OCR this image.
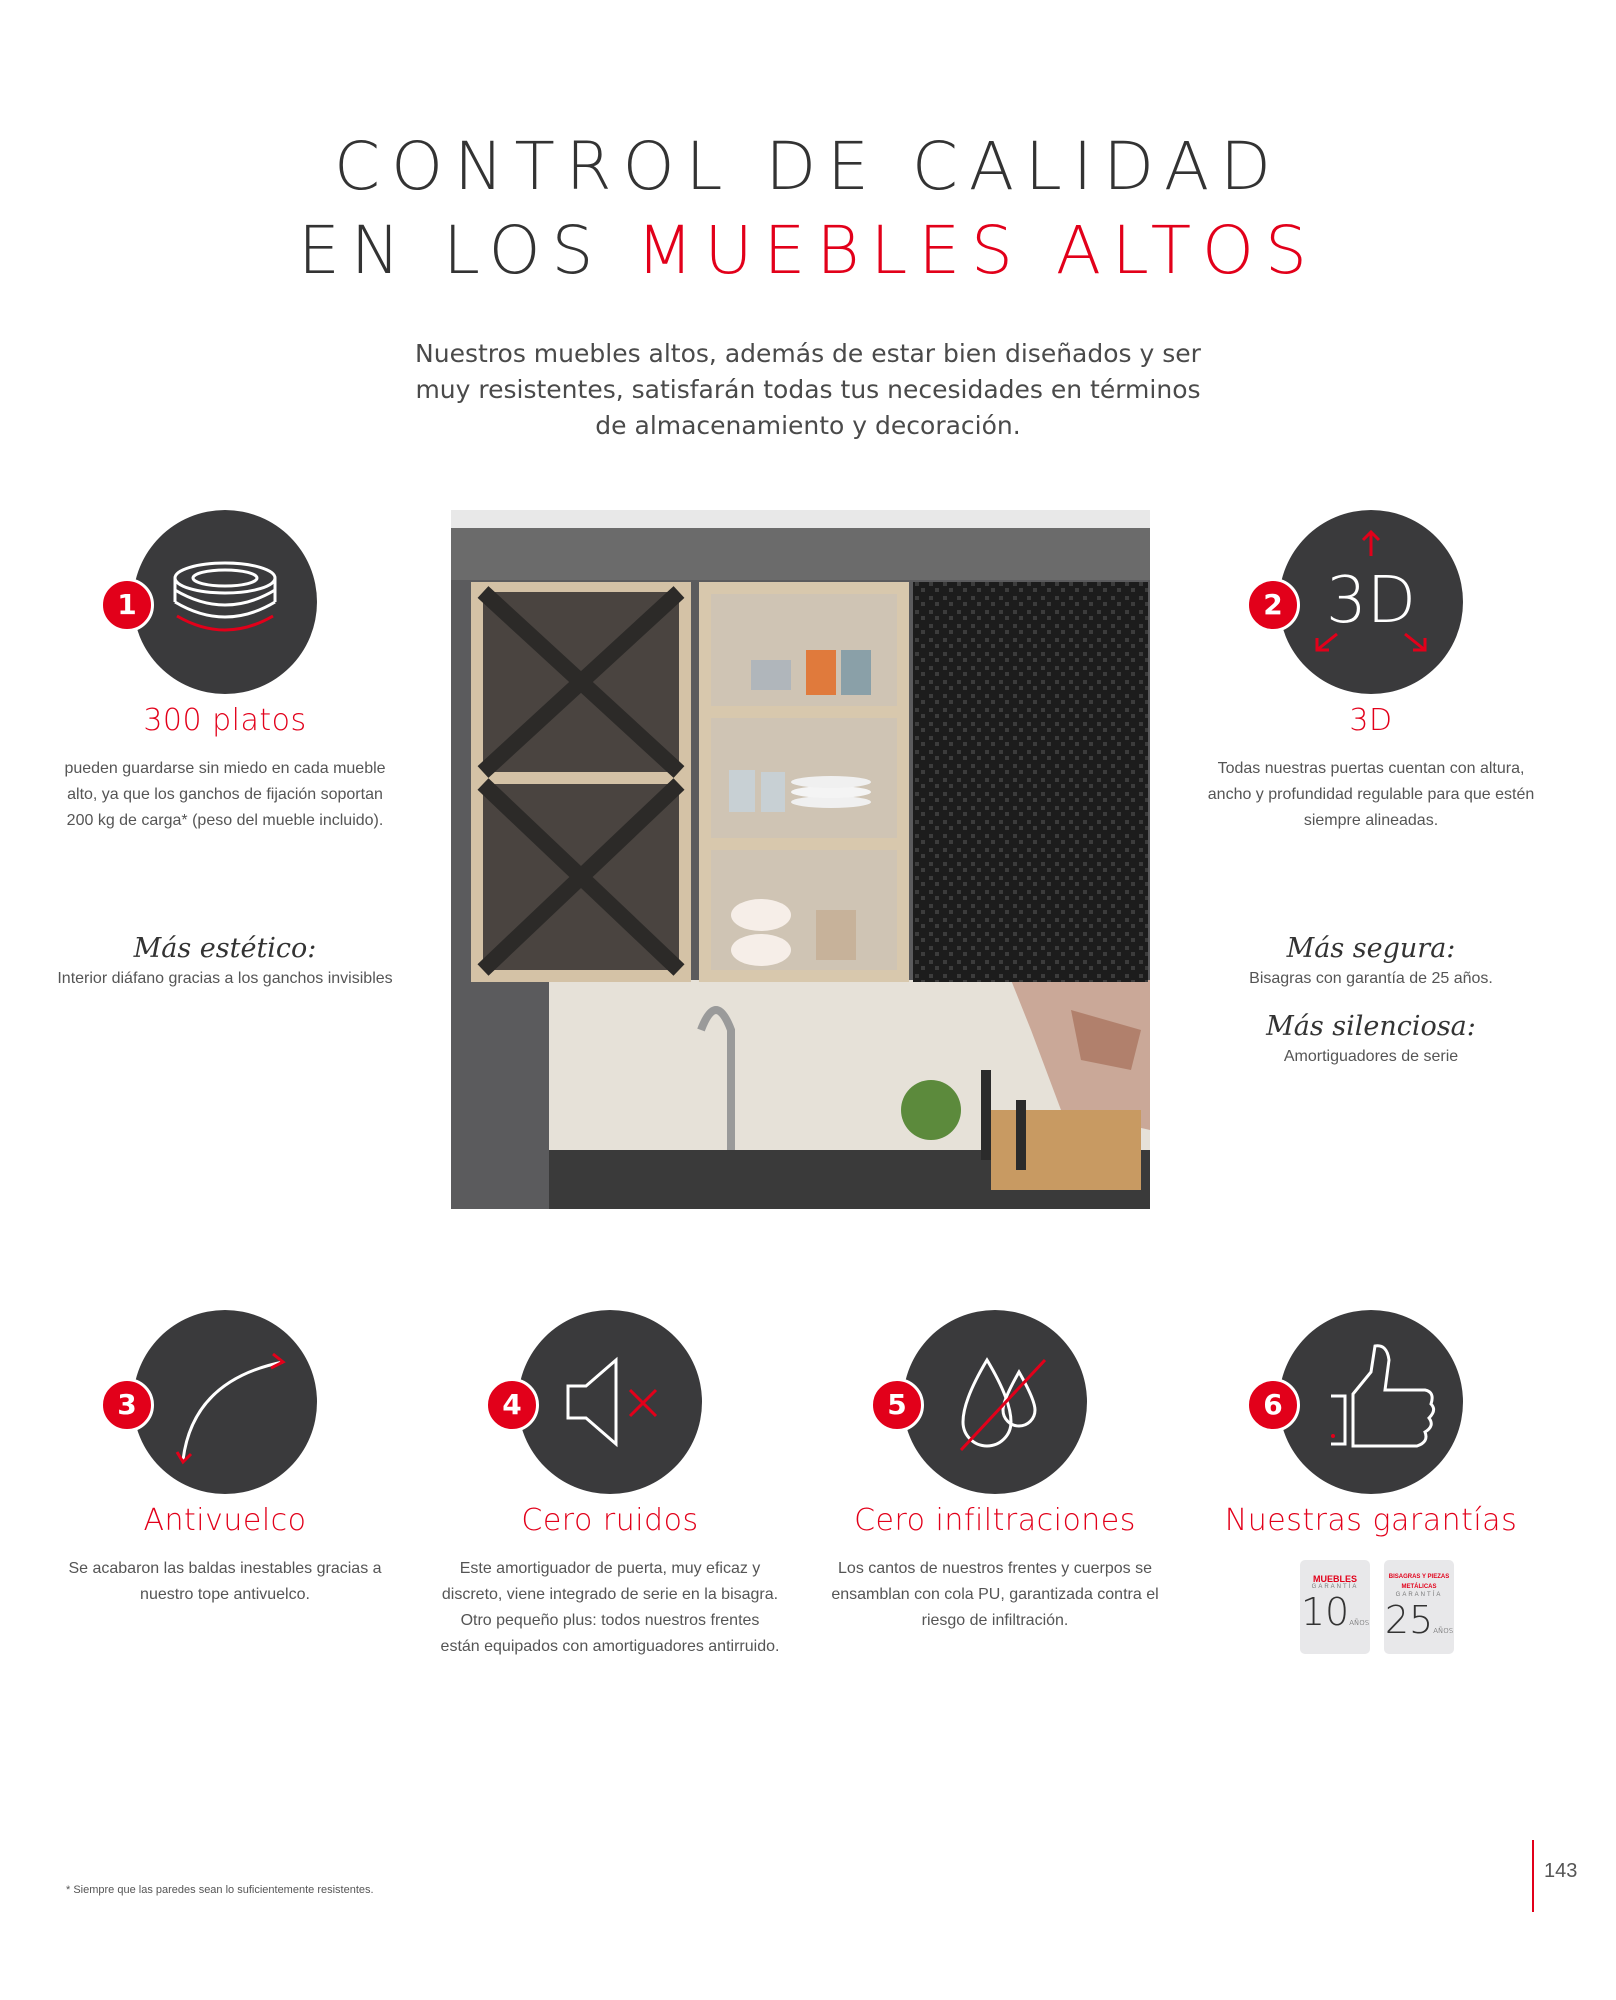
CONTROL DE CALIDAD
EN LOS MUEBLES ALTOS
Nuestros muebles altos, además de estar bien diseñados y ser muy resistentes, satisfarán todas tus necesidades en términos de almacenamiento y decoración.
1
300 platos
pueden guardarse sin miedo en cada mueble alto, ya que los ganchos de fijación soportan 200 kg de carga* (peso del mueble incluido).
Más estético:
Interior diáfano gracias a los ganchos invisibles
3D
2
3D
Todas nuestras puertas cuentan con altura, ancho y profundidad regulable para que estén siempre alineadas.
Más segura:
Bisagras con garantía de 25 años.
Más silenciosa:
Amortiguadores de serie
3
Antivuelco
Se acabaron las baldas inestables gracias a nuestro tope antivuelco.
4
Cero ruidos
Este amortiguador de puerta, muy eficaz y discreto, viene integrado de serie en la bisagra. Otro pequeño plus: todos nuestros frentes están equipados con amortiguadores antirruido.
5
Cero infiltraciones
Los cantos de nuestros frentes y cuerpos se ensamblan con cola PU, garantizada contra el riesgo de infiltración.
6
Nuestras garantías
MUEBLES
GARANTÍA
10AÑOS
BISAGRAS Y PIEZAS METÁLICAS
GARANTÍA
25AÑOS
* Siempre que las paredes sean lo suficientemente resistentes.
143
